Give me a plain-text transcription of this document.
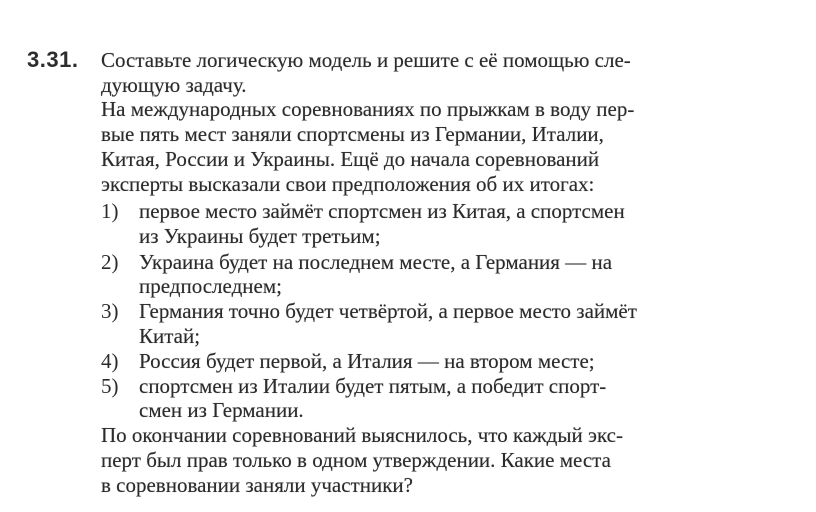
3.31. Составьте логическую модель и решите с её помощью сле-
дующую задачу.
На международных соревнованиях по прыжкам в воду пер-
вые пять мест заняли спортсмены из Германии, Италии,
Китая, России и Украины. Ещё до начала соревнований
эксперты высказали свои предположения об их итогах:
1) первое место займёт спортсмен из Китая, а спортсмен
из Украины будет третьим;
2) Украина будет на последнем месте, а Германия — на
предпоследнем;
3) Германия точно будет четвёртой, а первое место займёт
Китай;
4) Россия будет первой, а Италия — на втором месте;
5) спортсмен из Италии будет пятым, а победит спорт-
смен из Германии.
По окончании соревнований выяснилось, что каждый экс-
перт был прав только в одном утверждении. Какие места
в соревновании заняли участники?
